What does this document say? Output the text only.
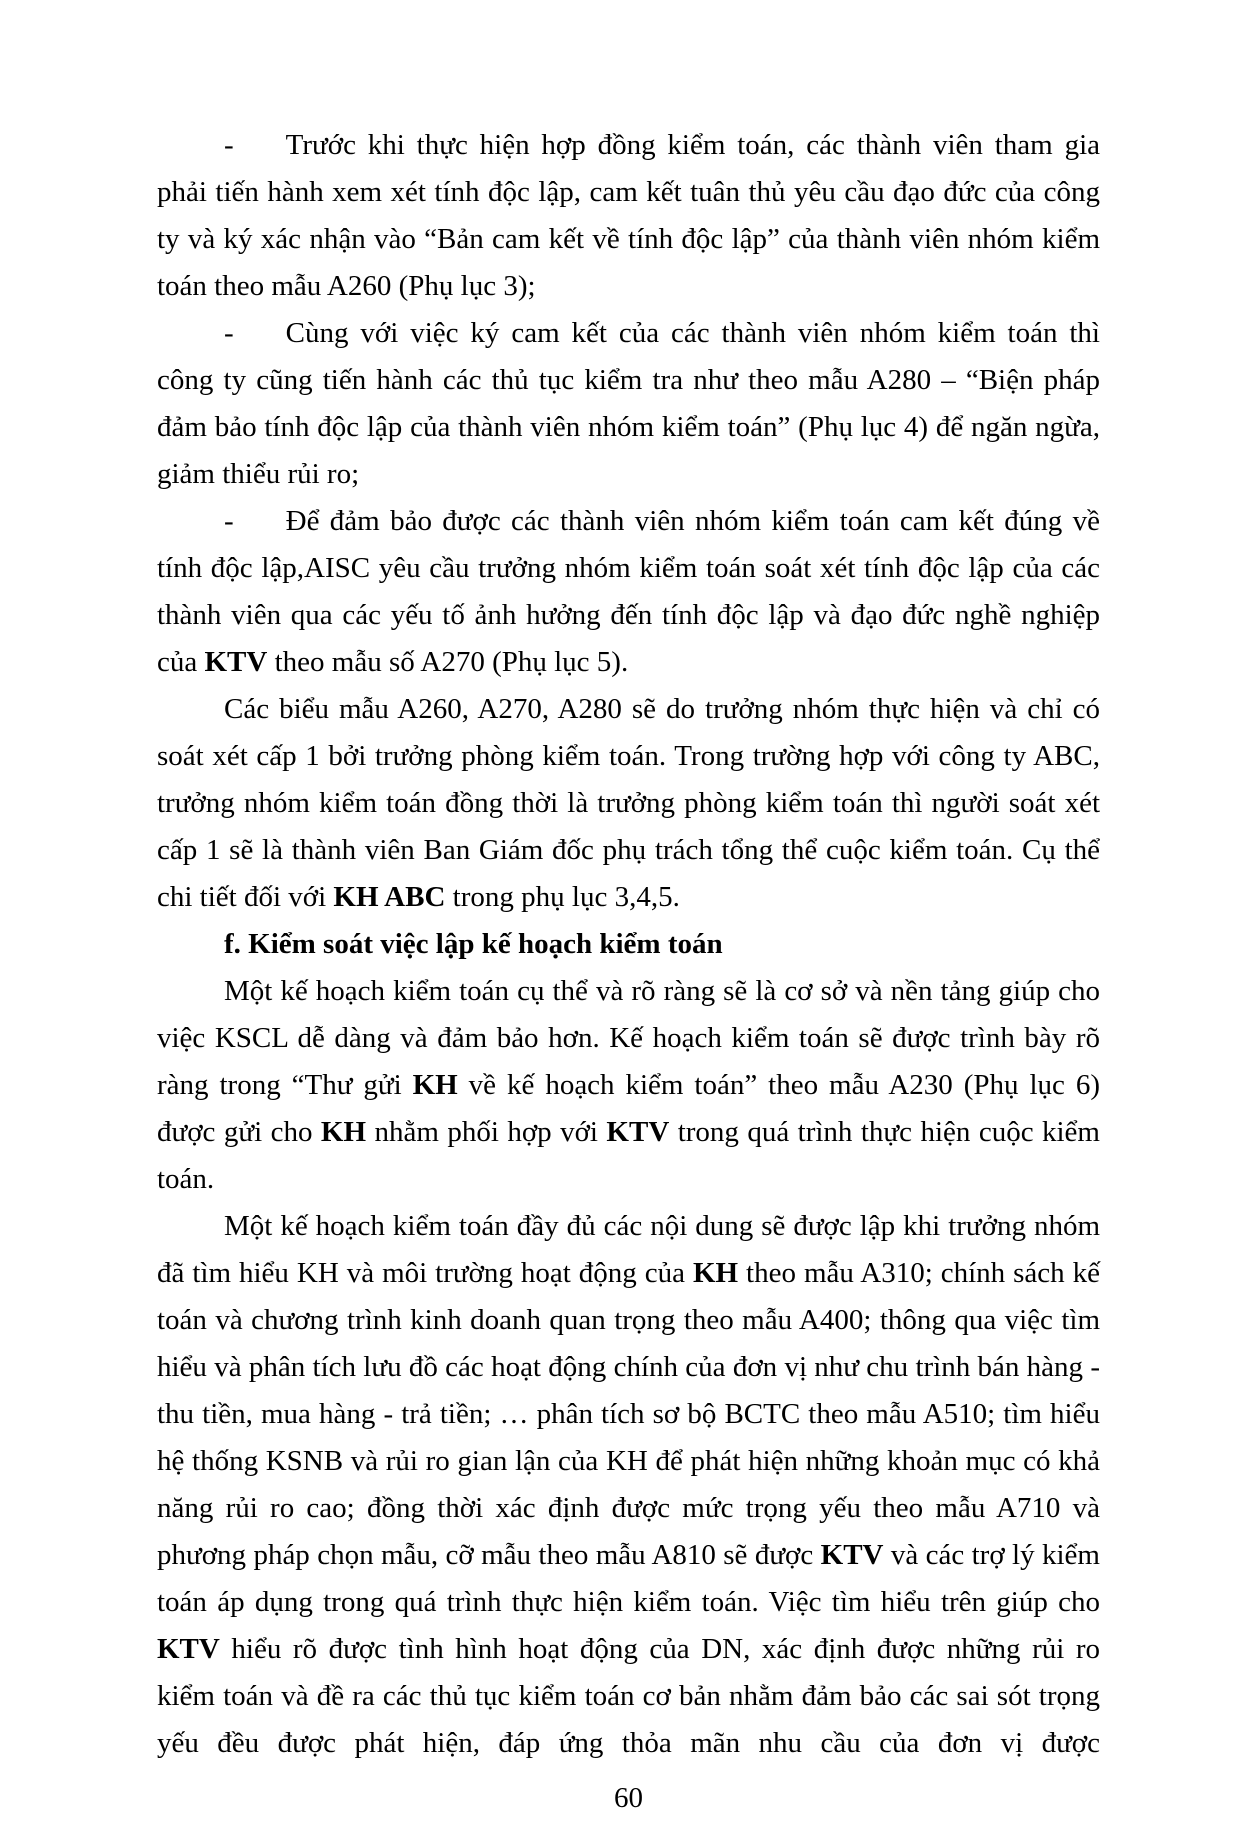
- Trước khi thực hiện hợp đồng kiểm toán, các thành viên tham gia phải tiến hành xem xét tính độc lập, cam kết tuân thủ yêu cầu đạo đức của công ty và ký xác nhận vào “Bản cam kết về tính độc lập” của thành viên nhóm kiểm toán theo mẫu A260 (Phụ lục 3);

- Cùng với việc ký cam kết của các thành viên nhóm kiểm toán thì công ty cũng tiến hành các thủ tục kiểm tra như theo mẫu A280 – “Biện pháp đảm bảo tính độc lập của thành viên nhóm kiểm toán” (Phụ lục 4) để ngăn ngừa, giảm thiểu rủi ro;

- Để đảm bảo được các thành viên nhóm kiểm toán cam kết đúng về tính độc lập,AISC yêu cầu trưởng nhóm kiểm toán soát xét tính độc lập của các thành viên qua các yếu tố ảnh hưởng đến tính độc lập và đạo đức nghề nghiệp của KTV theo mẫu số A270 (Phụ lục 5).

Các biểu mẫu A260, A270, A280 sẽ do trưởng nhóm thực hiện và chỉ có soát xét cấp 1 bởi trưởng phòng kiểm toán. Trong trường hợp với công ty ABC, trưởng nhóm kiểm toán đồng thời là trưởng phòng kiểm toán thì người soát xét cấp 1 sẽ là thành viên Ban Giám đốc phụ trách tổng thể cuộc kiểm toán. Cụ thể chi tiết đối với KH ABC trong phụ lục 3,4,5.

f. Kiểm soát việc lập kế hoạch kiểm toán

Một kế hoạch kiểm toán cụ thể và rõ ràng sẽ là cơ sở và nền tảng giúp cho việc KSCL dễ dàng và đảm bảo hơn. Kế hoạch kiểm toán sẽ được trình bày rõ ràng trong “Thư gửi KH về kế hoạch kiểm toán” theo mẫu A230 (Phụ lục 6) được gửi cho KH nhằm phối hợp với KTV trong quá trình thực hiện cuộc kiểm toán.

Một kế hoạch kiểm toán đầy đủ các nội dung sẽ được lập khi trưởng nhóm đã tìm hiểu KH và môi trường hoạt động của KH theo mẫu A310; chính sách kế toán và chương trình kinh doanh quan trọng theo mẫu A400; thông qua việc tìm hiểu và phân tích lưu đồ các hoạt động chính của đơn vị như chu trình bán hàng - thu tiền, mua hàng - trả tiền; … phân tích sơ bộ BCTC theo mẫu A510; tìm hiểu hệ thống KSNB và rủi ro gian lận của KH để phát hiện những khoản mục có khả năng rủi ro cao; đồng thời xác định được mức trọng yếu theo mẫu A710 và phương pháp chọn mẫu, cỡ mẫu theo mẫu A810 sẽ được KTV và các trợ lý kiểm toán áp dụng trong quá trình thực hiện kiểm toán. Việc tìm hiểu trên giúp cho KTV hiểu rõ được tình hình hoạt động của DN, xác định được những rủi ro kiểm toán và đề ra các thủ tục kiểm toán cơ bản nhằm đảm bảo các sai sót trọng yếu đều được phát hiện, đáp ứng thỏa mãn nhu cầu của đơn vị được

60
